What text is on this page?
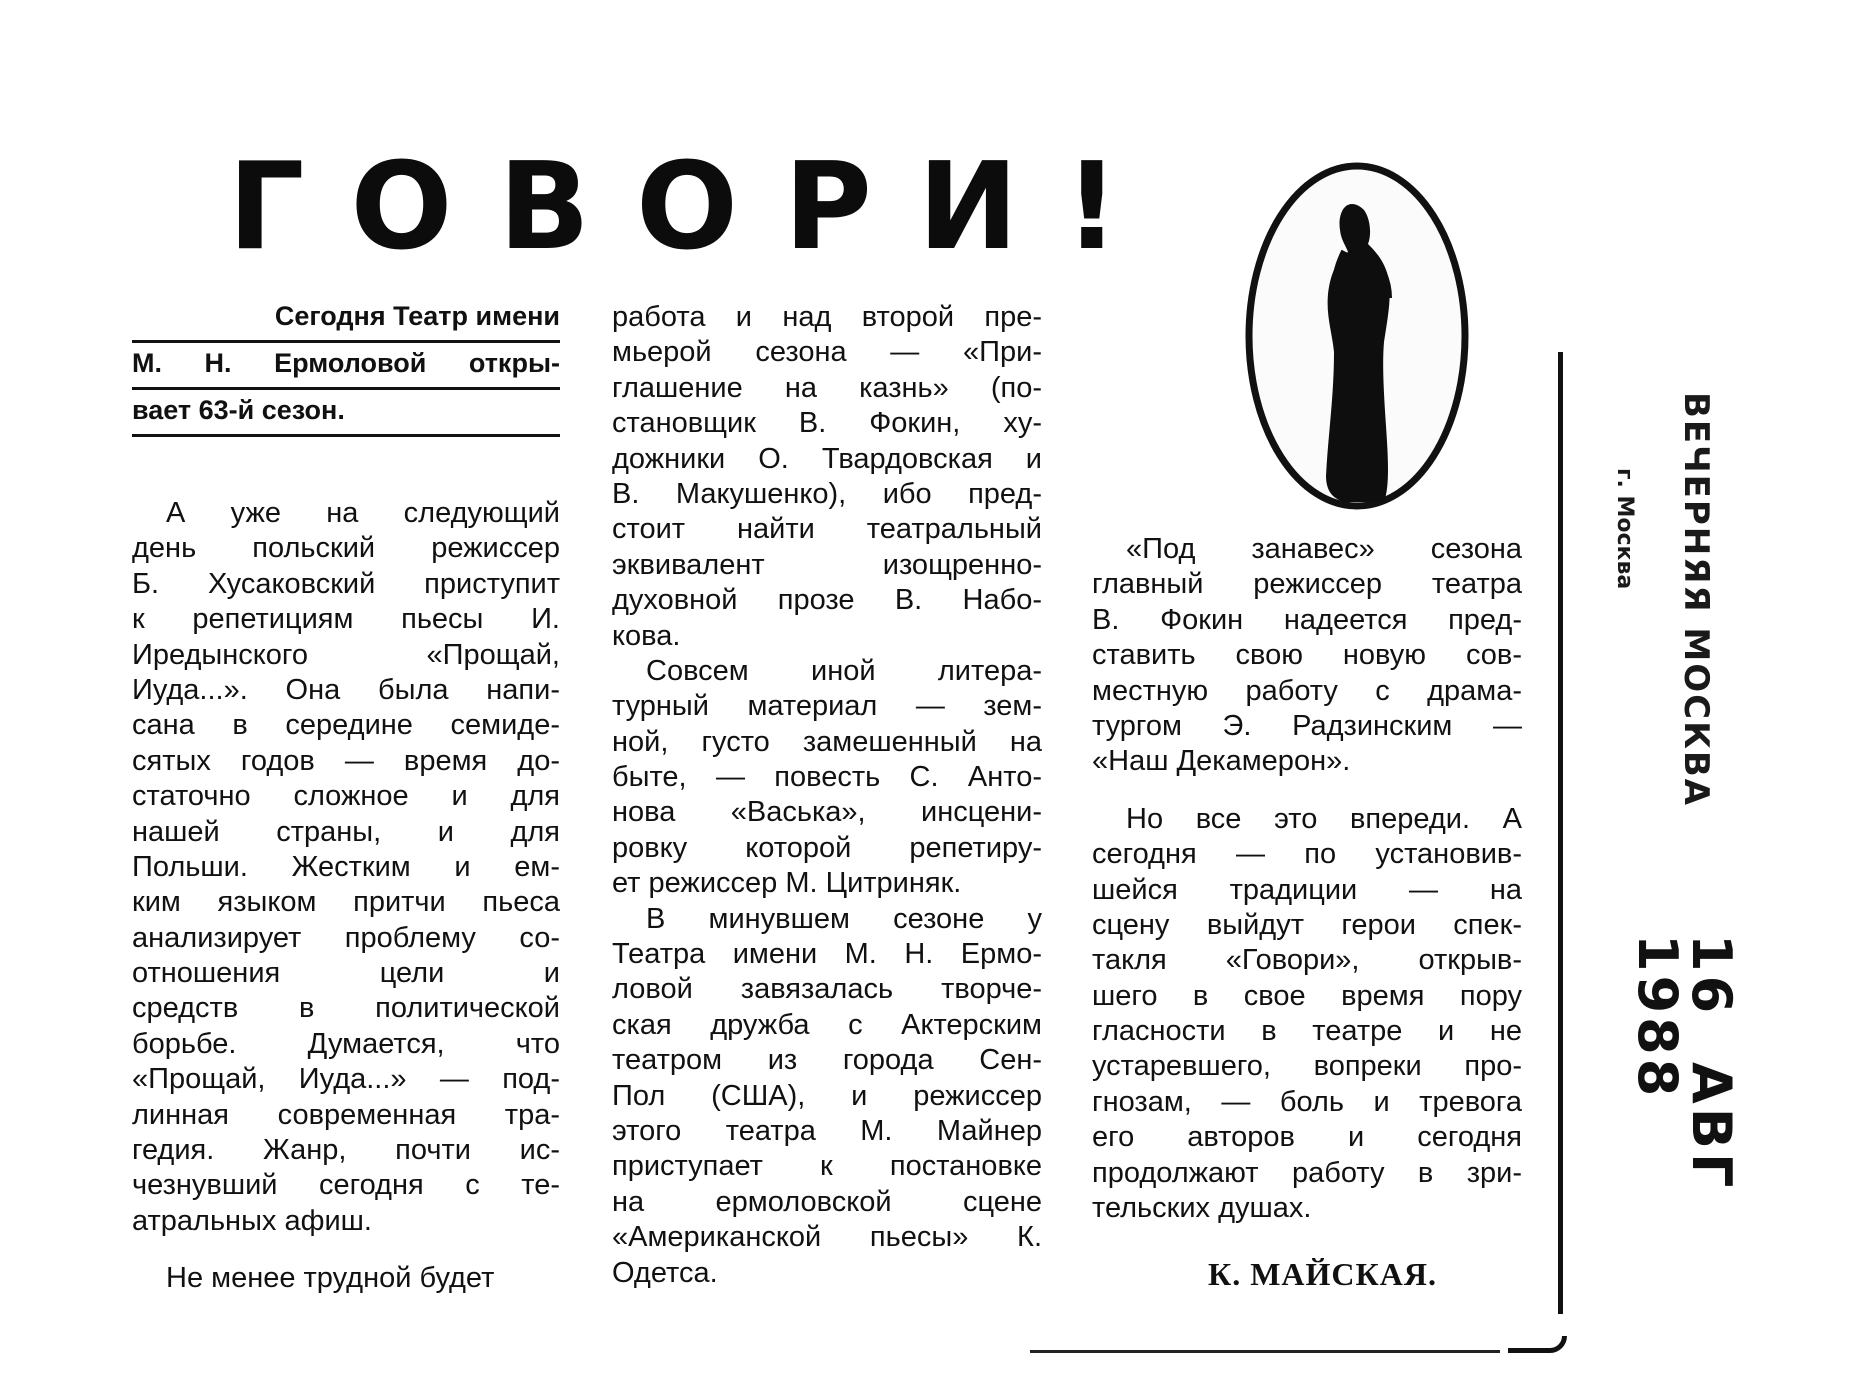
ГОВОРИ!
Сегодня Театр имени
М. Н. Ермоловой откры-
вает 63-й сезон.
А уже на следующий
день польский режиссер
Б. Хусаковский приступит
к репетициям пьесы И.
Иредынского «Прощай,
Иуда...». Она была напи-
сана в середине семиде-
сятых годов — время до-
статочно сложное и для
нашей страны, и для
Польши. Жестким и ем-
ким языком притчи пьеса
анализирует проблему со-
отношения цели и
средств в политической
борьбе. Думается, что
«Прощай, Иуда...» — под-
линная современная тра-
гедия. Жанр, почти ис-
чезнувший сегодня с те-
атральных афиш.
Не менее трудной будет
работа и над второй пре-
мьерой сезона — «При-
глашение на казнь» (по-
становщик В. Фокин, ху-
дожники О. Твардовская и
В. Макушенко), ибо пред-
стоит найти театральный
эквивалент изощренно-
духовной прозе В. Набо-
кова.
Совсем иной литера-
турный материал — зем-
ной, густо замешенный на
быте, — повесть С. Анто-
нова «Васька», инсцени-
ровку которой репетиру-
ет режиссер М. Цитриняк.
В минувшем сезоне у
Театра имени М. Н. Ермо-
ловой завязалась творче-
ская дружба с Актерским
театром из города Сен-
Пол (США), и режиссер
этого театра М. Майнер
приступает к постановке
на ермоловской сцене
«Американской пьесы» К.
Одетса.
«Под занавес» сезона
главный режиссер театра
В. Фокин надеется пред-
ставить свою новую сов-
местную работу с драма-
тургом Э. Радзинским —
«Наш Декамерон».
Но все это впереди. А
сегодня — по установив-
шейся традиции — на
сцену выйдут герои спек-
такля «Говори», открыв-
шего в свое время пору
гласности в театре и не
устаревшего, вопреки про-
гнозам, — боль и тревога
его авторов и сегодня
продолжают работу в зри-
тельских душах.
К. МАЙСКАЯ.
ВЕЧЕРНЯЯ МОСКВА
г. Москва
16 АВГ 1988
